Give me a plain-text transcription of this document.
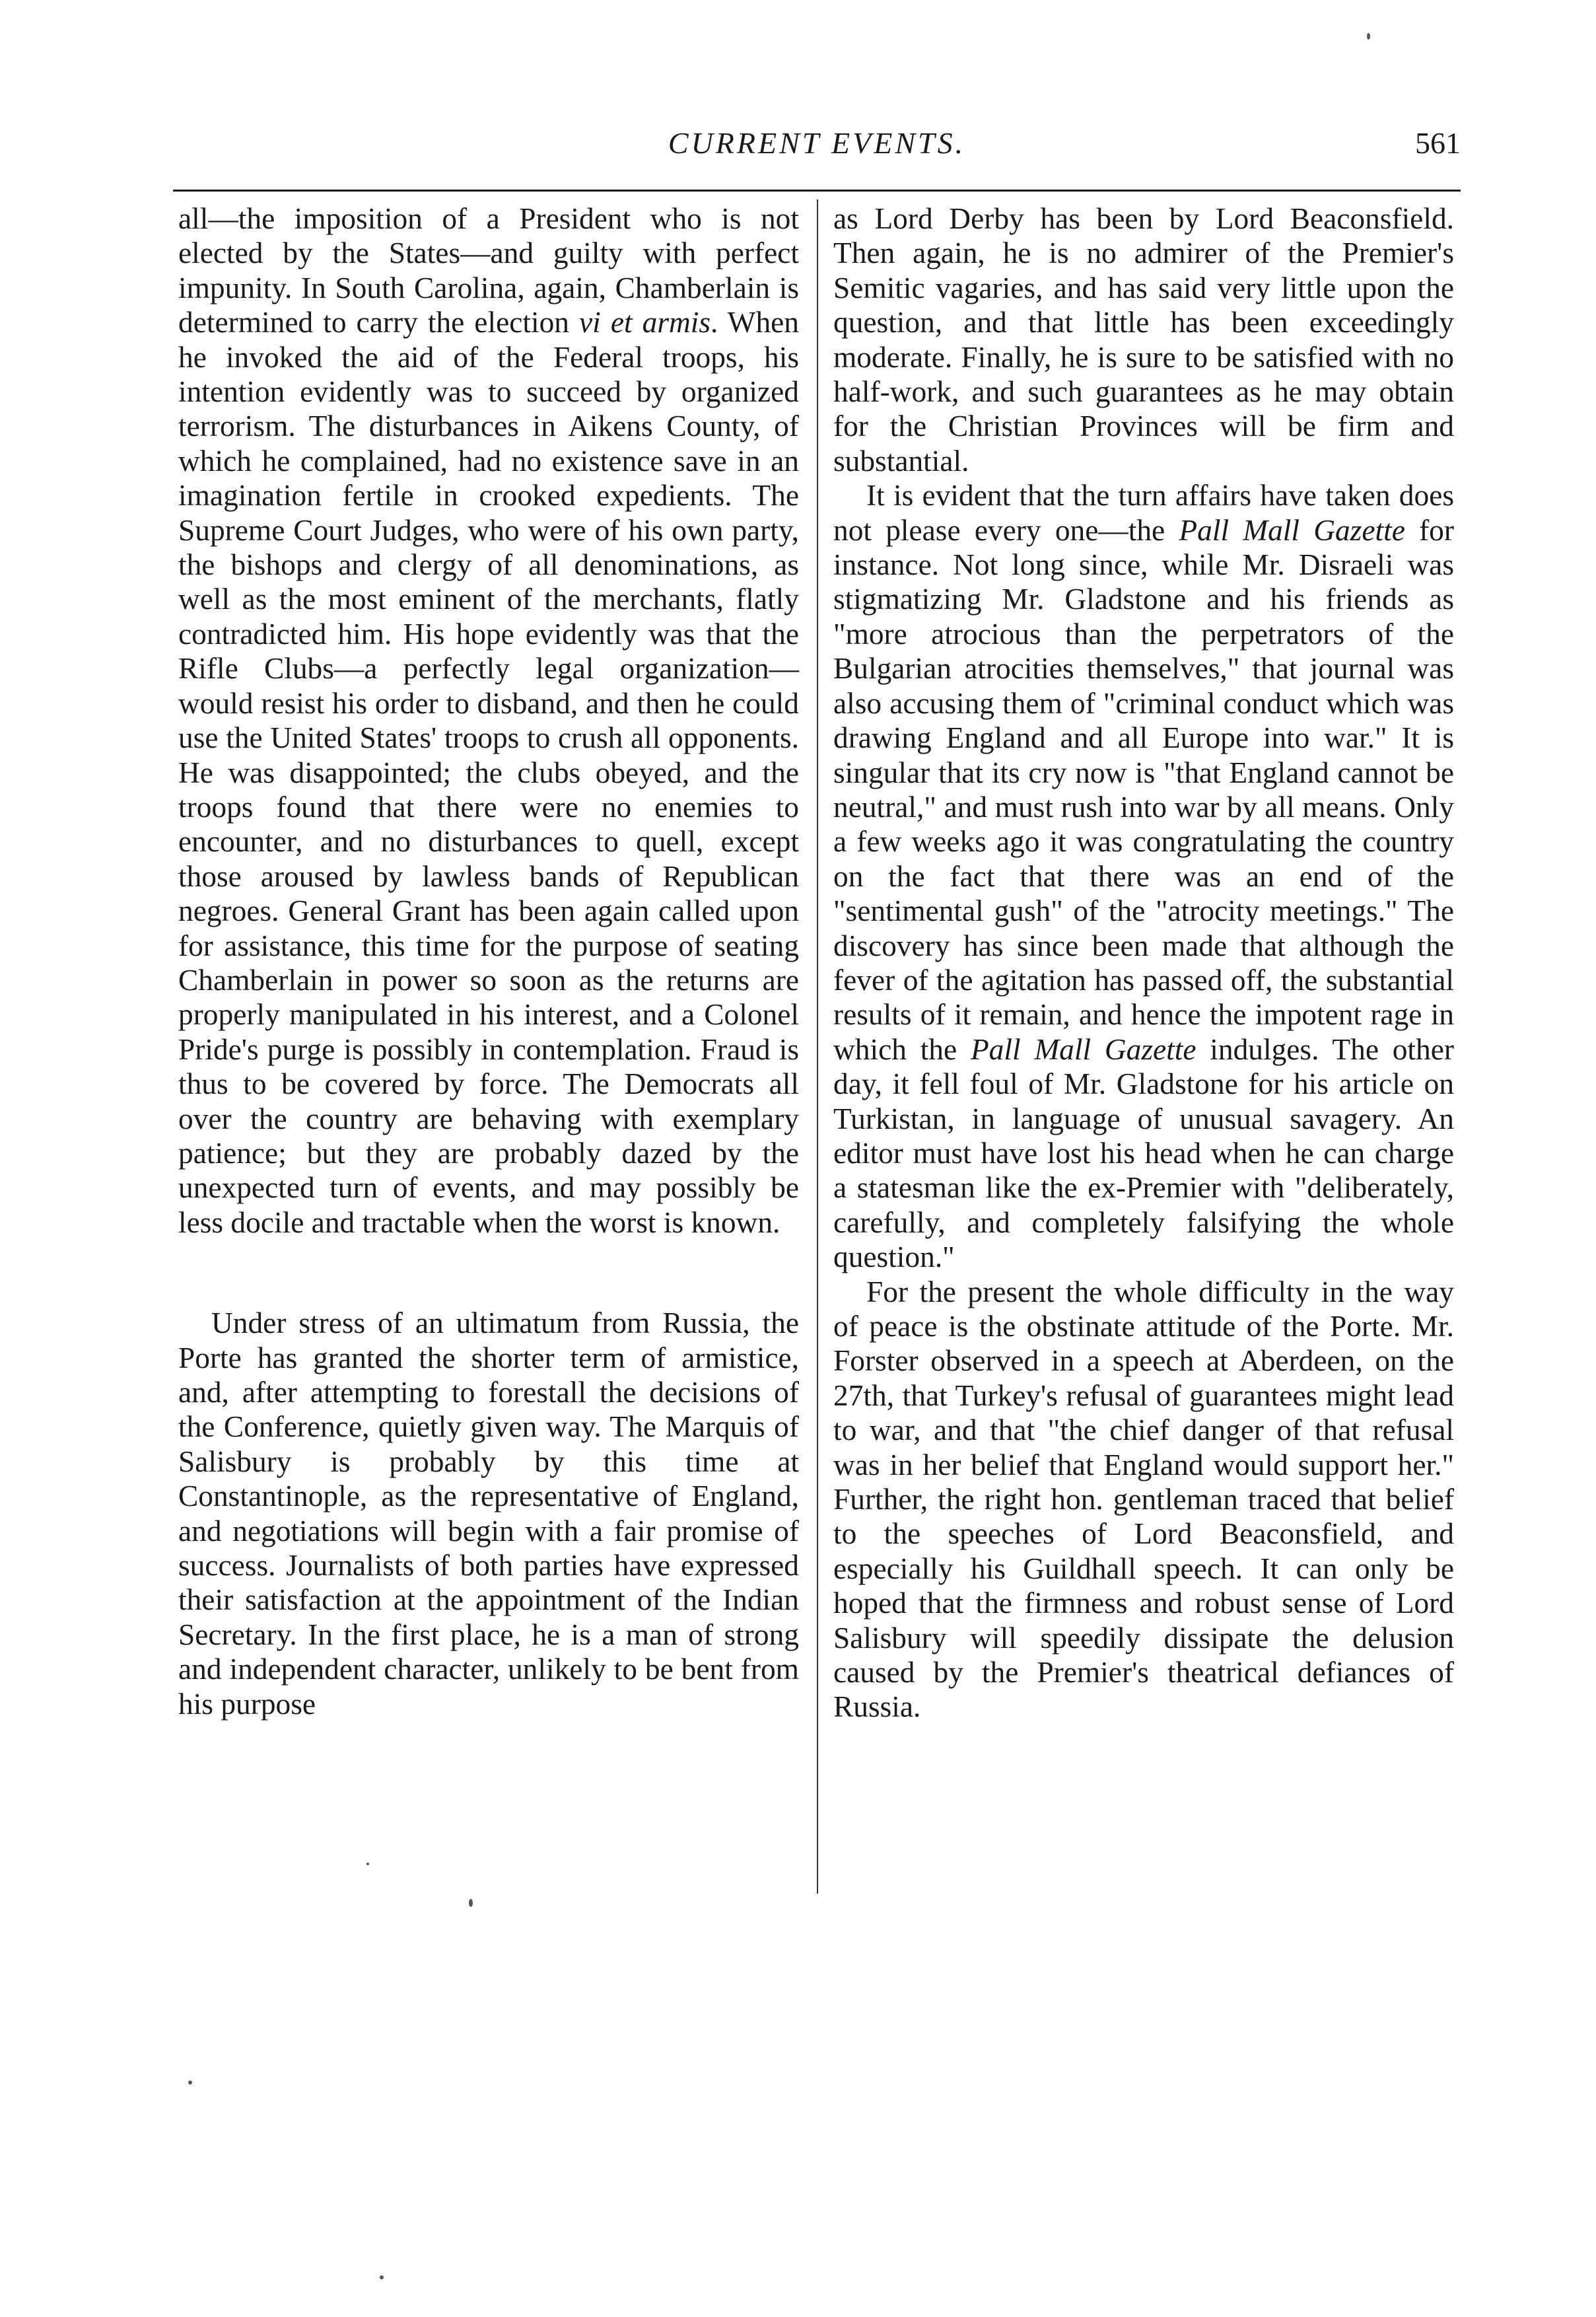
CURRENT EVENTS.	561

all—the imposition of a President who is not elected by the States—and guilty with perfect impunity. In South Carolina, again, Chamberlain is determined to carry the election vi et armis. When he invoked the aid of the Federal troops, his intention evidently was to succeed by organized terrorism. The disturbances in Aikens County, of which he complained, had no existence save in an imagination fertile in crooked expedients. The Supreme Court Judges, who were of his own party, the bishops and clergy of all denominations, as well as the most eminent of the merchants, flatly contradicted him. His hope evidently was that the Rifle Clubs—a perfectly legal organization—would resist his order to disband, and then he could use the United States' troops to crush all opponents. He was disappointed; the clubs obeyed, and the troops found that there were no enemies to encounter, and no disturbances to quell, except those aroused by lawless bands of Republican negroes. General Grant has been again called upon for assistance, this time for the purpose of seating Chamberlain in power so soon as the returns are properly manipulated in his interest, and a Colonel Pride's purge is possibly in contemplation. Fraud is thus to be covered by force. The Democrats all over the country are behaving with exemplary patience; but they are probably dazed by the unexpected turn of events, and may possibly be less docile and tractable when the worst is known.

Under stress of an ultimatum from Russia, the Porte has granted the shorter term of armistice, and, after attempting to forestall the decisions of the Conference, quietly given way. The Marquis of Salisbury is probably by this time at Constantinople, as the representative of England, and negotiations will begin with a fair promise of success. Journalists of both parties have expressed their satisfaction at the appointment of the Indian Secretary. In the first place, he is a man of strong and independent character, unlikely to be bent from his purpose

as Lord Derby has been by Lord Beaconsfield. Then again, he is no admirer of the Premier's Semitic vagaries, and has said very little upon the question, and that little has been exceedingly moderate. Finally, he is sure to be satisfied with no half-work, and such guarantees as he may obtain for the Christian Provinces will be firm and substantial.

It is evident that the turn affairs have taken does not please every one—the Pall Mall Gazette for instance. Not long since, while Mr. Disraeli was stigmatizing Mr. Gladstone and his friends as "more atrocious than the perpetrators of the Bulgarian atrocities themselves," that journal was also accusing them of "criminal conduct which was drawing England and all Europe into war." It is singular that its cry now is "that England cannot be neutral," and must rush into war by all means. Only a few weeks ago it was congratulating the country on the fact that there was an end of the "sentimental gush" of the "atrocity meetings." The discovery has since been made that although the fever of the agitation has passed off, the substantial results of it remain, and hence the impotent rage in which the Pall Mall Gazette indulges. The other day, it fell foul of Mr. Gladstone for his article on Turkistan, in language of unusual savagery. An editor must have lost his head when he can charge a statesman like the ex-Premier with "deliberately, carefully, and completely falsifying the whole question."

For the present the whole difficulty in the way of peace is the obstinate attitude of the Porte. Mr. Forster observed in a speech at Aberdeen, on the 27th, that Turkey's refusal of guarantees might lead to war, and that "the chief danger of that refusal was in her belief that England would support her." Further, the right hon. gentleman traced that belief to the speeches of Lord Beaconsfield, and especially his Guildhall speech. It can only be hoped that the firmness and robust sense of Lord Salisbury will speedily dissipate the delusion caused by the Premier's theatrical defiances of Russia.
